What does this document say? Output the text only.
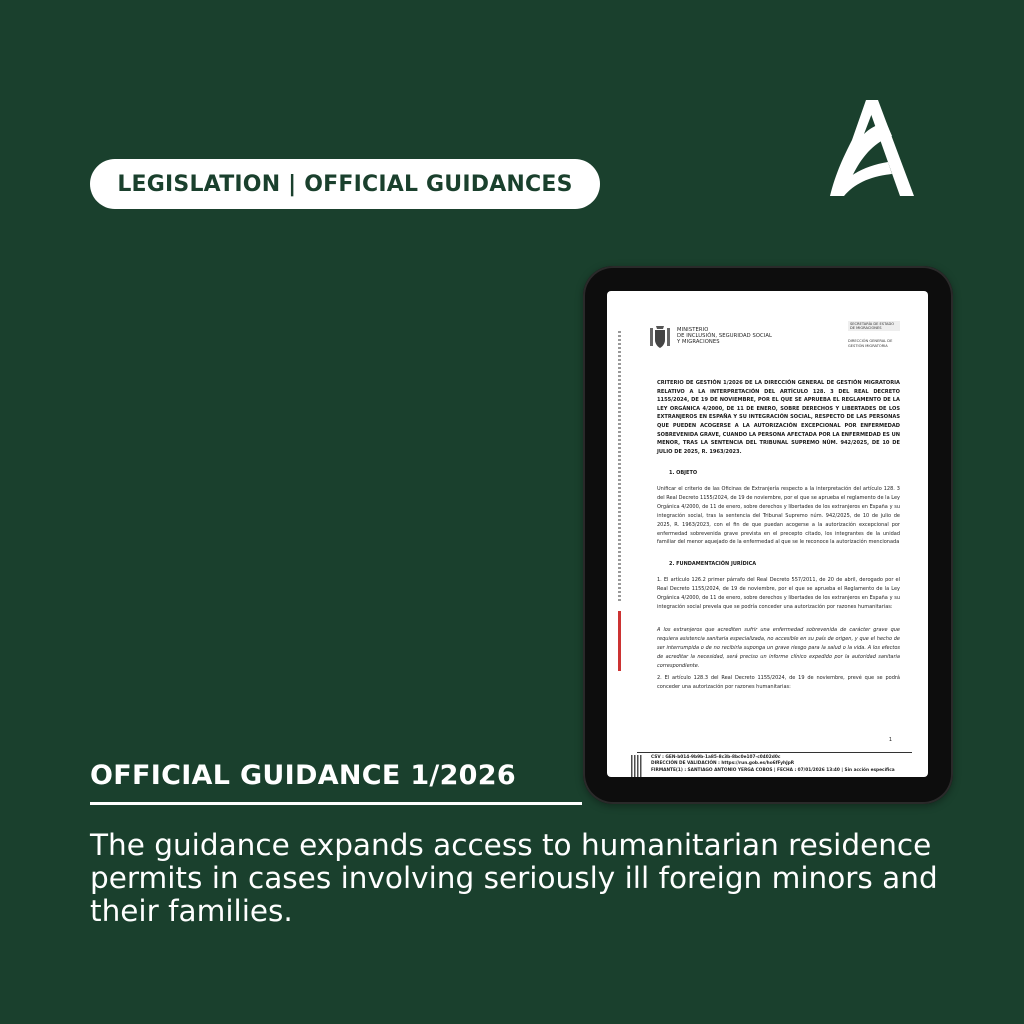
LEGISLATION | OFFICIAL GUIDANCES
MINISTERIO
DE INCLUSIÓN, SEGURIDAD SOCIAL
Y MIGRACIONES
SECRETARÍA DE ESTADO DE MIGRACIONES
DIRECCIÓN GENERAL DE GESTIÓN MIGRATORIA
CRITERIO DE GESTIÓN 1/2026 DE LA DIRECCIÓN GENERAL DE GESTIÓN MIGRATORIA RELATIVO A LA INTERPRETACIÓN DEL ARTÍCULO 128. 3 DEL REAL DECRETO 1155/2024, DE 19 DE NOVIEMBRE, POR EL QUE SE APRUEBA EL REGLAMENTO DE LA LEY ORGÁNICA 4/2000, DE 11 DE ENERO, SOBRE DERECHOS Y LIBERTADES DE LOS EXTRANJEROS EN ESPAÑA Y SU INTEGRACIÓN SOCIAL, RESPECTO DE LAS PERSONAS QUE PUEDEN ACOGERSE A LA AUTORIZACIÓN EXCEPCIONAL POR ENFERMEDAD SOBREVENIDA GRAVE, CUANDO LA PERSONA AFECTADA POR LA ENFERMEDAD ES UN MENOR, TRAS LA SENTENCIA DEL TRIBUNAL SUPREMO NÚM. 942/2025, DE 10 DE JULIO DE 2025, R. 1963/2023.
1. OBJETO
Unificar el criterio de las Oficinas de Extranjería respecto a la interpretación del artículo 128. 3 del Real Decreto 1155/2024, de 19 de noviembre, por el que se aprueba el reglamento de la Ley Orgánica 4/2000, de 11 de enero, sobre derechos y libertades de los extranjeros en España y su integración social, tras la sentencia del Tribunal Supremo núm. 942/2025, de 10 de julio de 2025, R. 1963/2023, con el fin de que puedan acogerse a la autorización excepcional por enfermedad sobrevenida grave prevista en el precepto citado, los integrantes de la unidad familiar del menor aquejado de la enfermedad al que se le reconoce la autorización mencionada
2. FUNDAMENTACIÓN JURÍDICA
1. El artículo 126.2 primer párrafo del Real Decreto 557/2011, de 20 de abril, derogado por el Real Decreto 1155/2024, de 19 de noviembre, por el que se aprueba el Reglamento de la Ley Orgánica 4/2000, de 11 de enero, sobre derechos y libertades de los extranjeros en España y su integración social prevela que se podría conceder una autorización por razones humanitarias:
A los extranjeros que acrediten sufrir una enfermedad sobrevenida de carácter grave que requiera asistencia sanitaria especializada, no accesible en su país de origen, y que el hecho de ser interrumpida o de no recibirla suponga un grave riesgo para la salud o la vida. A los efectos de acreditar la necesidad, será preciso un informe clínico expedido por la autoridad sanitaria correspondiente.
2. El artículo 128.3 del Real Decreto 1155/2024, de 19 de noviembre, prevé que se podrá conceder una autorización por razones humanitarias:
1
CSV : GEN-b014-9b9b-1a85-8c3b-8bc0e107-c0402d0c
DIRECCIÓN DE VALIDACIÓN : https://run.gob.es/ho6fFyhJpR
FIRMANTE(1) : SANTIAGO ANTONIO YERGA COBOS | FECHA : 07/01/2026 13:40 | Sin acción específica
OFFICIAL GUIDANCE 1/2026
The guidance expands access to humanitarian residence permits in cases involving seriously ill foreign minors and their families.
